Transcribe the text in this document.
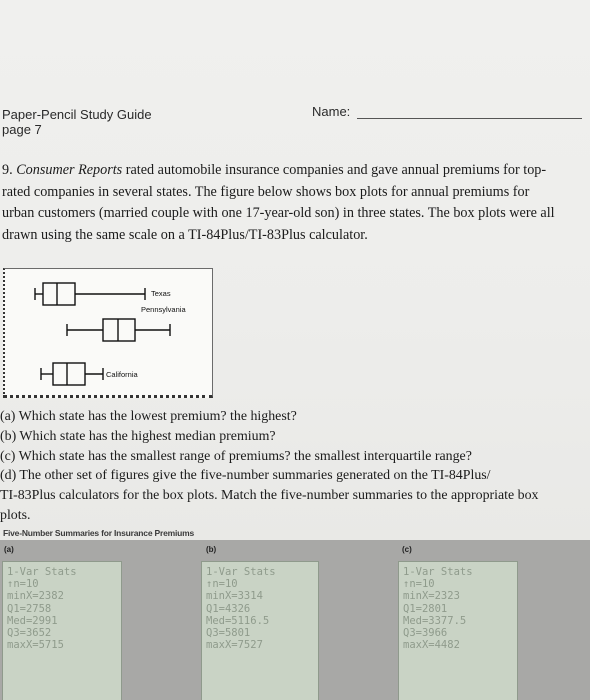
Paper-Pencil Study Guide
page 7
Name:
9. Consumer Reports rated automobile insurance companies and gave annual premiums for top-
rated companies in several states. The figure below shows box plots for annual premiums for
urban customers (married couple with one 17-year-old son) in three states. The box plots were all
drawn using the same scale on a TI-84Plus/TI-83Plus calculator.
Texas
Pennsylvania
California
(a) Which state has the lowest premium? the highest?
(b) Which state has the highest median premium?
(c) Which state has the smallest range of premiums? the smallest interquartile range?
(d) The other set of figures give the five-number summaries generated on the TI-84Plus/
TI-83Plus calculators for the box plots. Match the five-number summaries to the appropriate box
plots.
Five-Number Summaries for Insurance Premiums
(a)	(b)	(c)
1-Var Stats
↑n=10
minX=2382
Q1=2758
Med=2991
Q3=3652
maxX=5715
1-Var Stats
↑n=10
minX=3314
Q1=4326
Med=5116.5
Q3=5801
maxX=7527
1-Var Stats
↑n=10
minX=2323
Q1=2801
Med=3377.5
Q3=3966
maxX=4482
